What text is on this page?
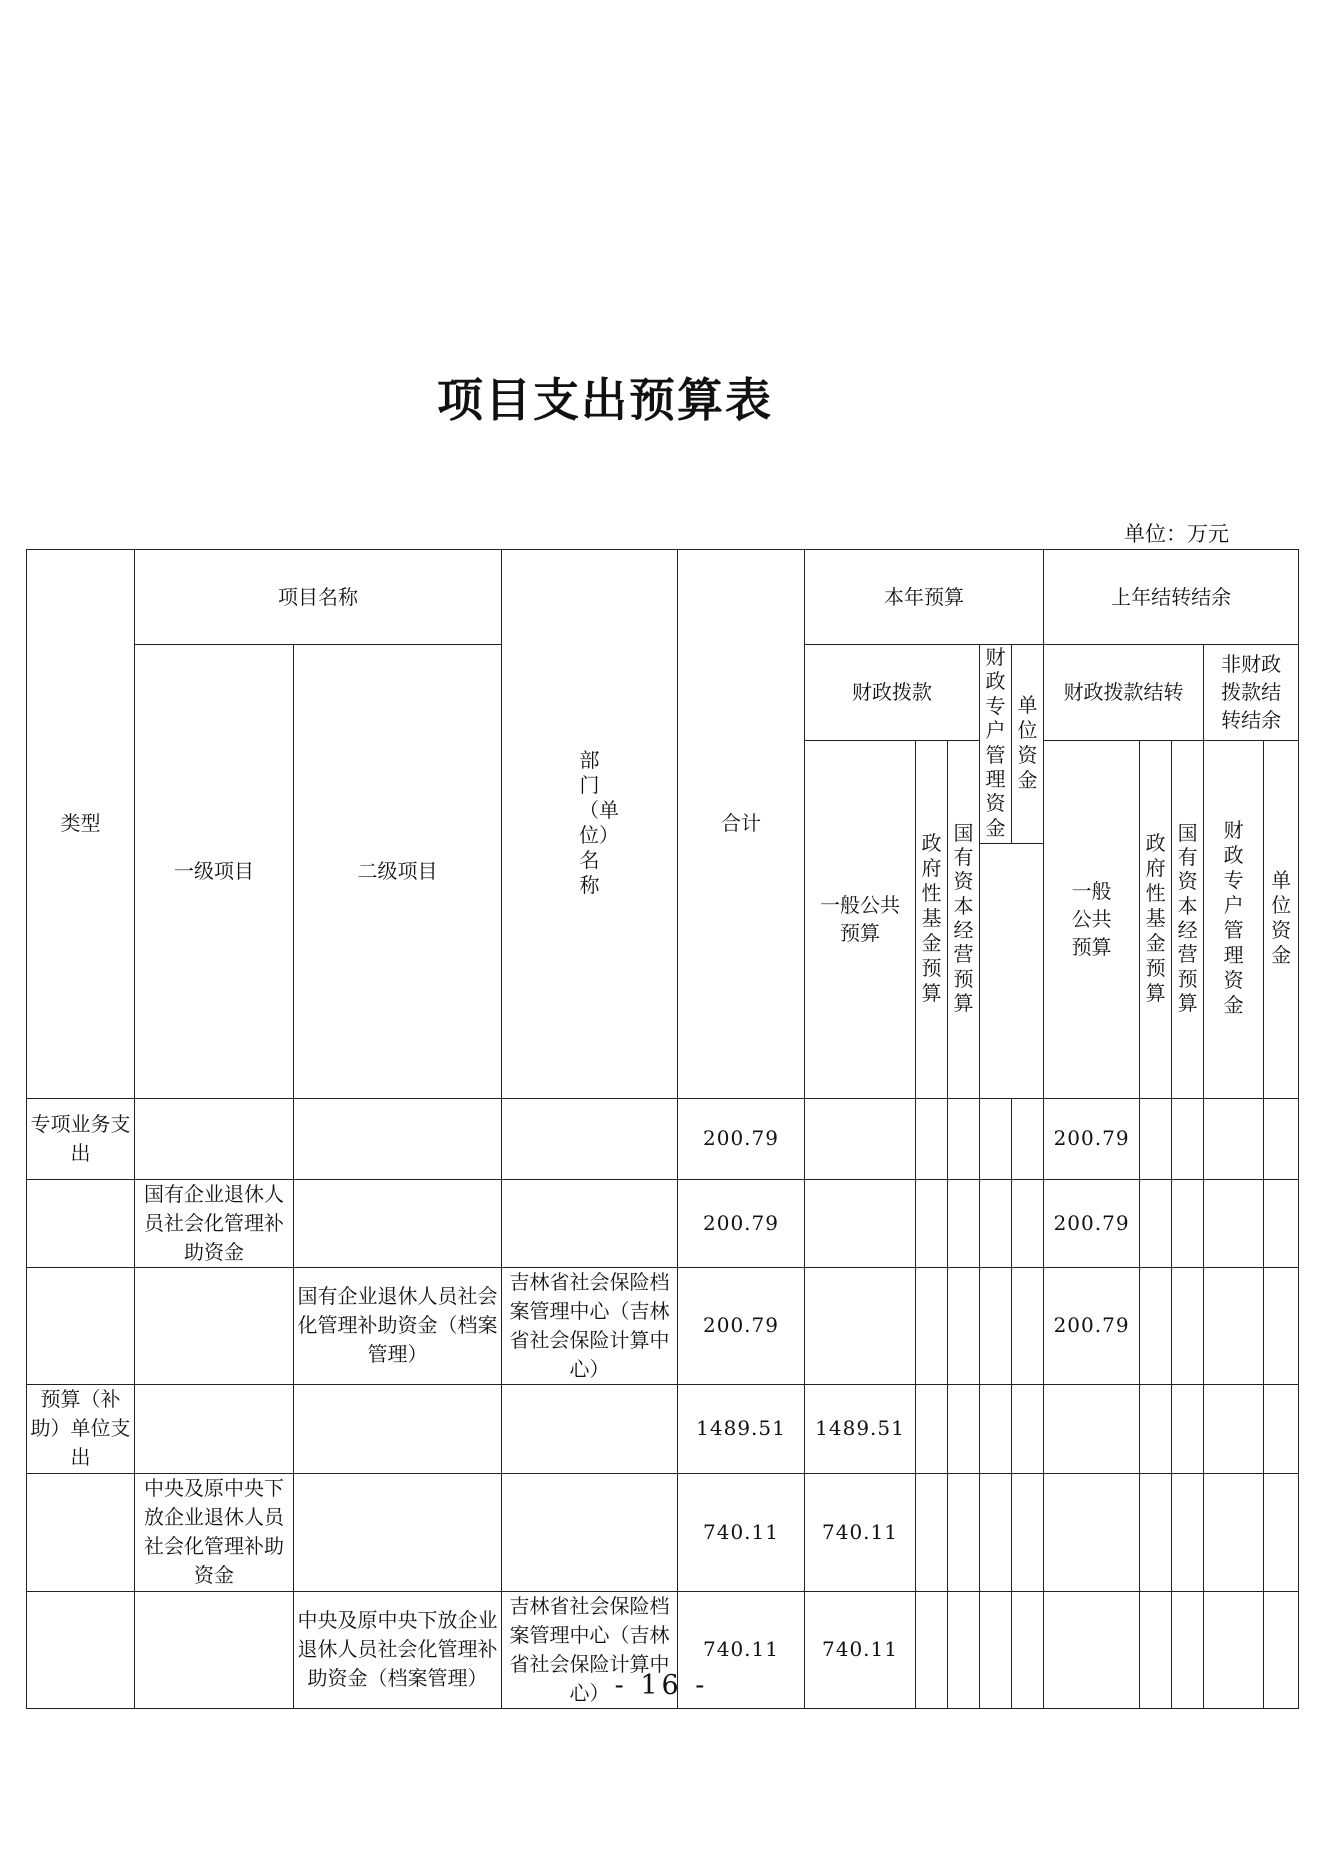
项目支出预算表
单位：万元
类型	项目名称		部门（单位）名称	合计	本年预算					上年结转结余				
	一级项目	二级项目			财政拨款			财政专户管理资金	单位资金	财政拨款结转			非财政拨款结转结余	
					一般公共预算	政府性基金预算	国有资本经营预算			一般公共预算	政府性基金预算	国有资本经营预算	财政专户管理资金	单位资金

专项业务支出				200.79						200.79				
	国有企业退休人员社会化管理补助资金			200.79						200.79				
		国有企业退休人员社会化管理补助资金（档案管理）	吉林省社会保险档案管理中心（吉林省社会保险计算中心）	200.79						200.79				
预算（补助）单位支出				1489.51	1489.51									
	中央及原中央下放企业退休人员社会化管理补助资金			740.11	740.11									
		中央及原中央下放企业退休人员社会化管理补助资金（档案管理）	吉林省社会保险档案管理中心（吉林省社会保险计算中心）	740.11	740.11									
- 16 -
